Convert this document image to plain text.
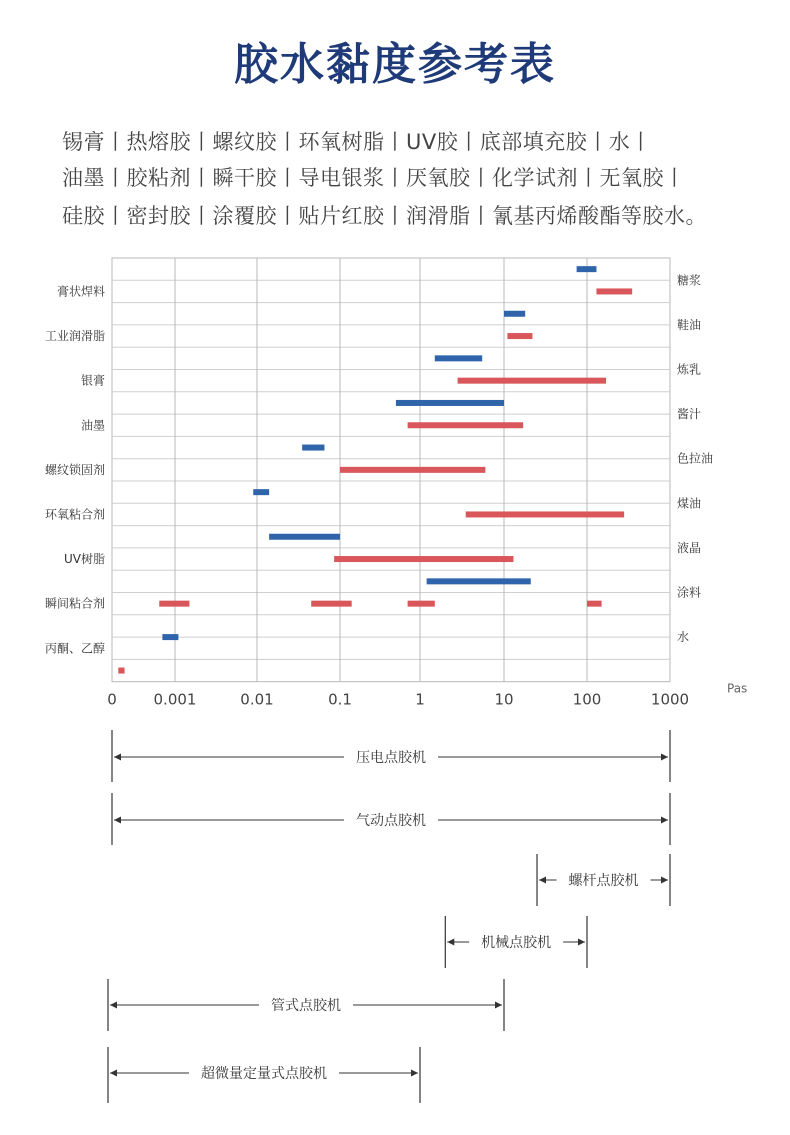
胶水黏度参考表
锡膏丨热熔胶丨螺纹胶丨环氧树脂丨UV胶丨底部填充胶丨水丨
油墨丨胶粘剂丨瞬干胶丨导电银浆丨厌氧胶丨化学试剂丨无氧胶丨
硅胶丨密封胶丨涂覆胶丨贴片红胶丨润滑脂丨氰基丙烯酸酯等胶水。
0 0.001	0.01	0.1	1	10	100	1000
Pas
膏状焊料
工业润滑脂
银膏
油墨
螺纹锁固剂
环氧粘合剂
UV树脂
瞬间粘合剂
丙酮、乙醇
糖浆
鞋油
炼乳
酱汁
色拉油
煤油
液晶
涂料
水
压电点胶机
气动点胶机
螺杆点胶机
机械点胶机
管式点胶机
超微量定量式点胶机
